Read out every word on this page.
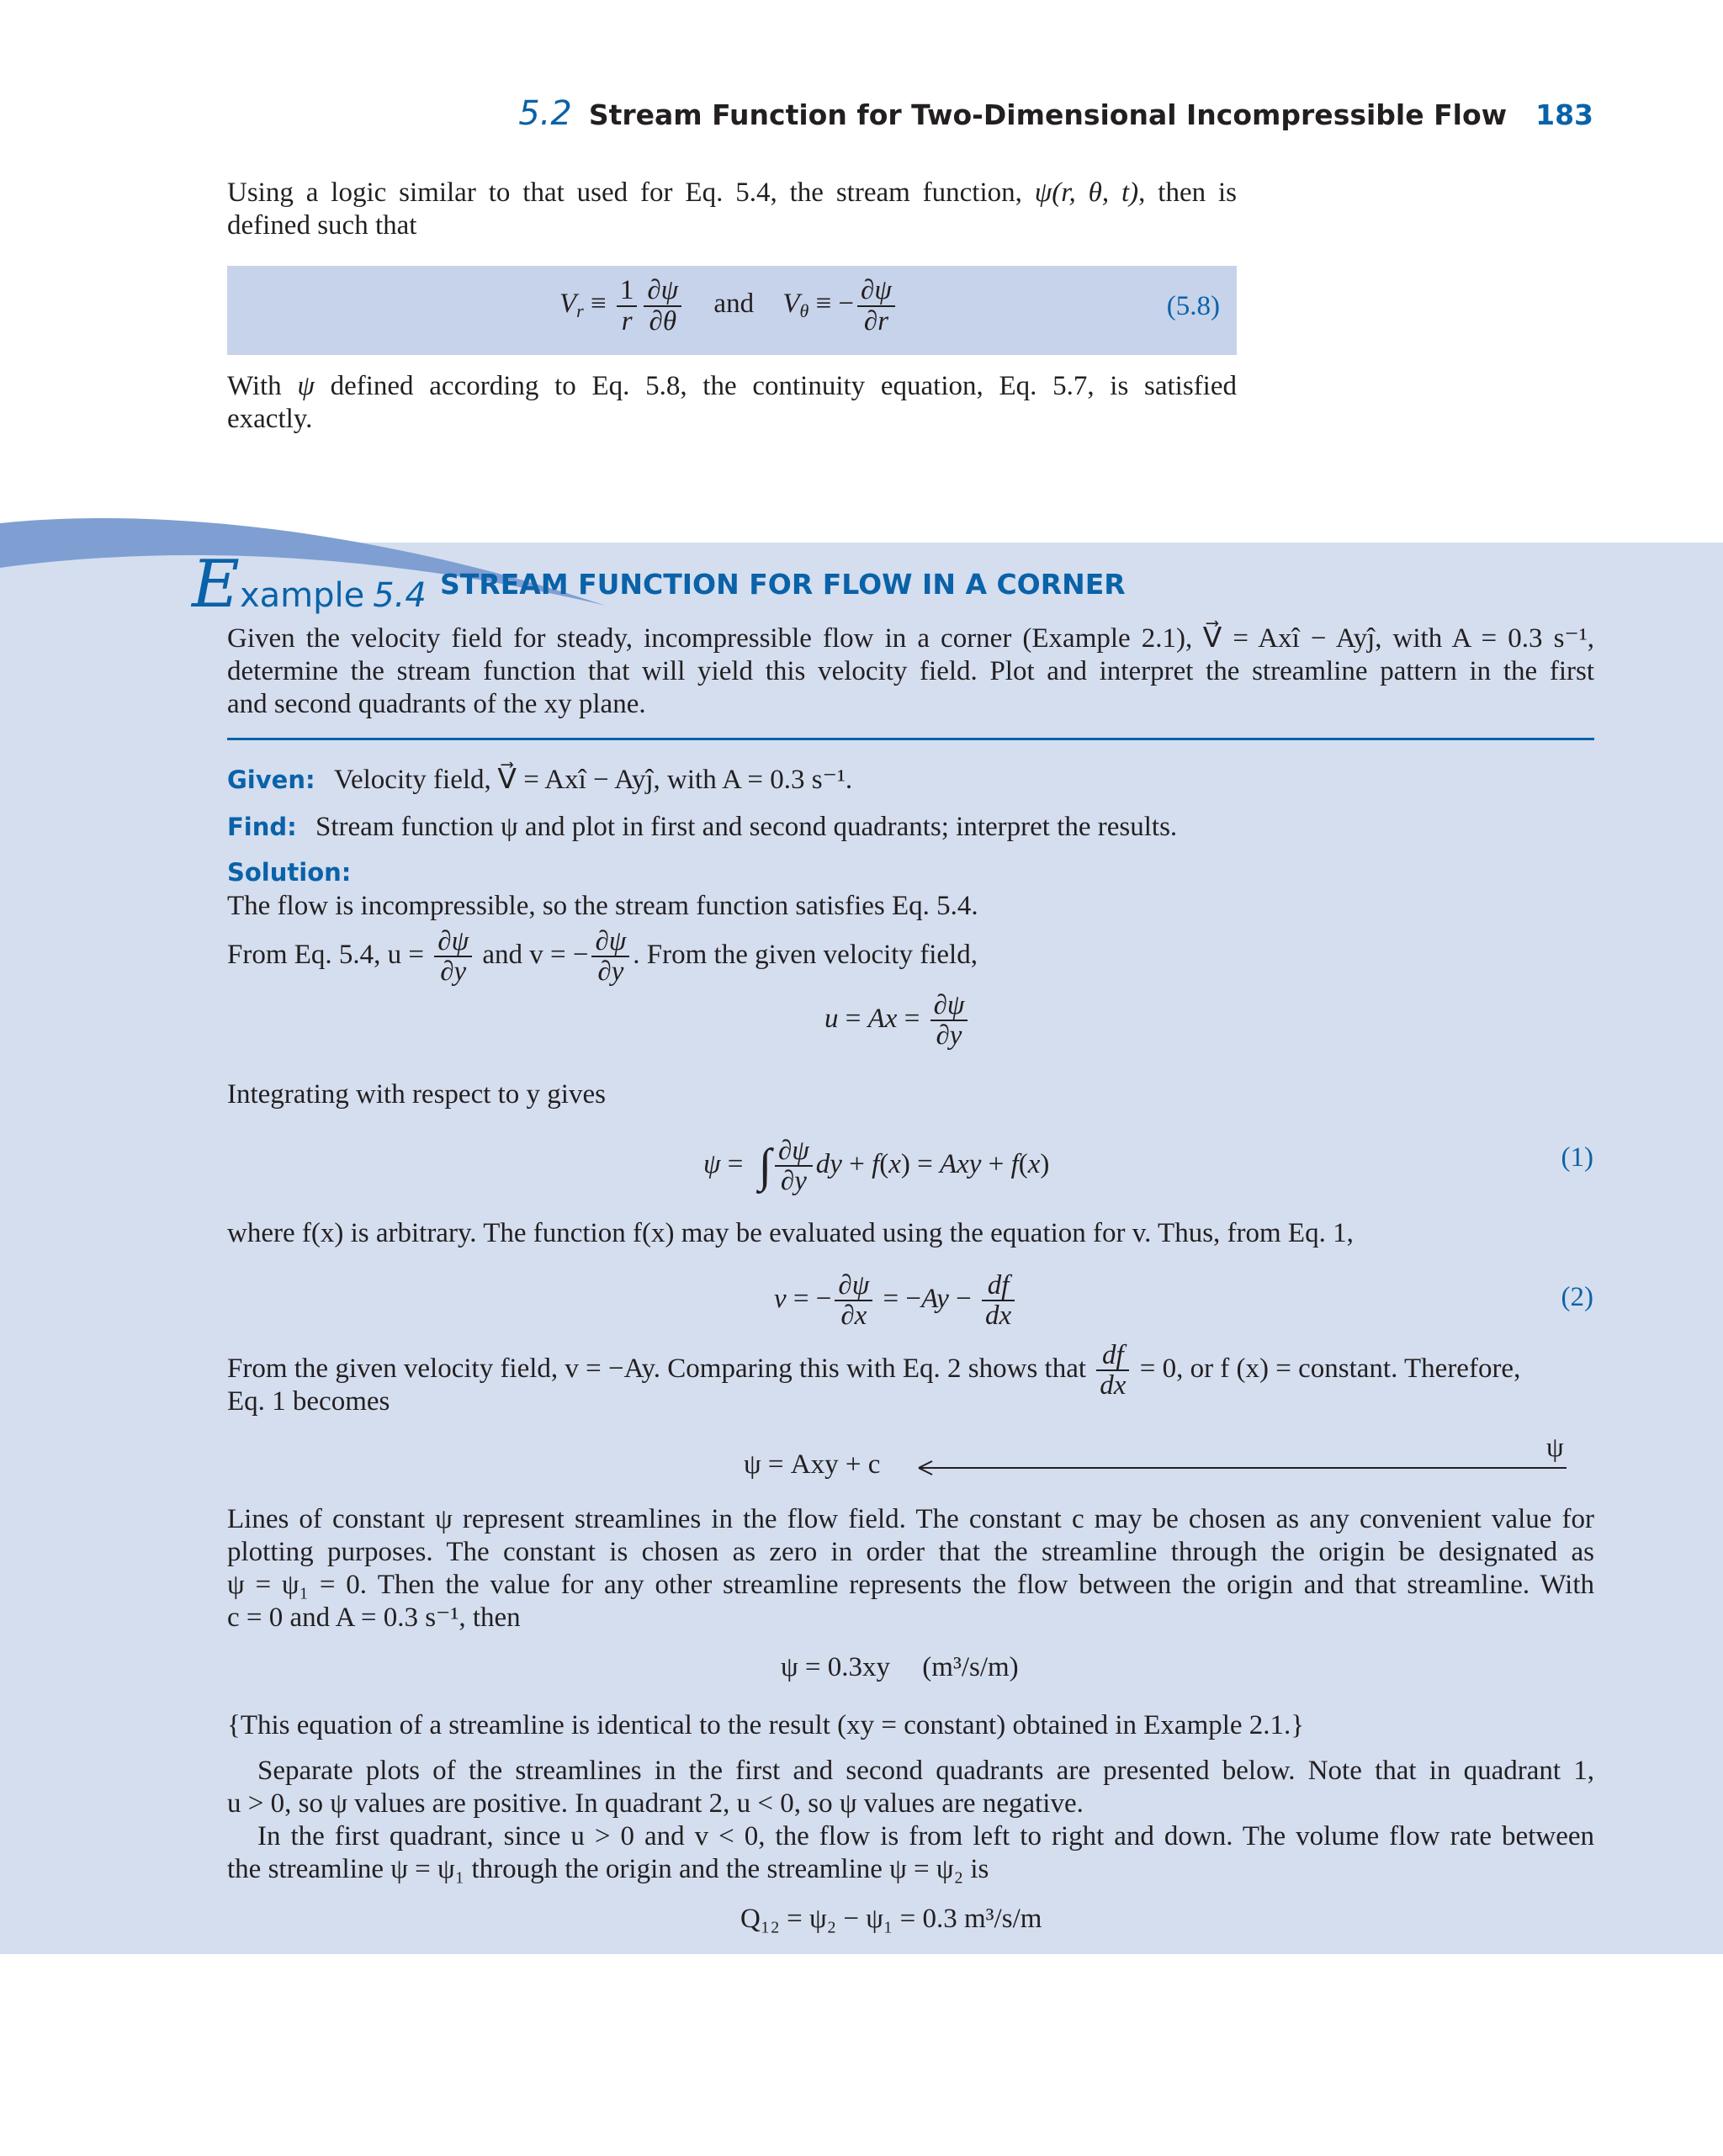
5.2 Stream Function for Two-Dimensional Incompressible Flow 183
Using a logic similar to that used for Eq. 5.4, the stream function, ψ(r, θ, t), then is
defined such that
$V_r \equiv \frac{1}{r} \frac{\partial\psi}{\partial\theta}$ and $V_\theta$ ≡ − $\frac{\partial\psi}{\partial r}$	(5.8)
With ψ defined according to Eq. 5.8, the continuity equation, Eq. 5.7, is satisfied
exactly.
Example 5.4 STREAM FUNCTION FOR FLOW IN A CORNER
Given the velocity field for steady, incompressible flow in a corner (Example 2.1), V⃗ = Axî − Ayĵ, with A = 0.3 s⁻¹,
determine the stream function that will yield this velocity field. Plot and interpret the streamline pattern in the first
and second quadrants of the xy plane.
Given: Velocity field, V⃗ = Axî − Ayĵ, with A = 0.3 s⁻¹.
Find: Stream function ψ and plot in first and second quadrants; interpret the results.
Solution:
The flow is incompressible, so the stream function satisfies Eq. 5.4.
From Eq. 5.4, $u = \frac{\partial\psi}{\partial y}$ and v = − $\frac{\partial\psi}{\partial y}$ . From the given velocity field,
$u = Ax = \frac{\partial\psi}{\partial y}$
Integrating with respect to y gives
ψ = ∫ $\frac{\partial\psi}{\partial y}$ dy + f(x) = Axy + f(x)	(1)
where f(x) is arbitrary. The function f(x) may be evaluated using the equation for v. Thus, from Eq. 1,
v = − $\frac{\partial\psi}{\partial x} = -Ay - \frac{df}{dx}$	(2)
From the given velocity field, v = −Ay. Comparing this with Eq. 2 shows that $\frac{df}{dx} = 0$, or f (x) = constant. Therefore,
Eq. 1 becomes
ψ = Axy + c
ψ
Lines of constant ψ represent streamlines in the flow field. The constant c may be chosen as any convenient value for
plotting purposes. The constant is chosen as zero in order that the streamline through the origin be designated as
ψ = ψ₁ = 0. Then the value for any other streamline represents the flow between the origin and that streamline. With
c = 0 and A = 0.3 s⁻¹, then
ψ = 0.3xy (m³/s/m)
{This equation of a streamline is identical to the result (xy = constant) obtained in Example 2.1.}
Separate plots of the streamlines in the first and second quadrants are presented below. Note that in quadrant 1,
u > 0, so ψ values are positive. In quadrant 2, u < 0, so ψ values are negative.
In the first quadrant, since u > 0 and v < 0, the flow is from left to right and down. The volume flow rate between
the streamline ψ = ψ₁ through the origin and the streamline ψ = ψ₂ is
Q₁₂ = ψ₂ − ψ₁ = 0.3 m³/s/m
